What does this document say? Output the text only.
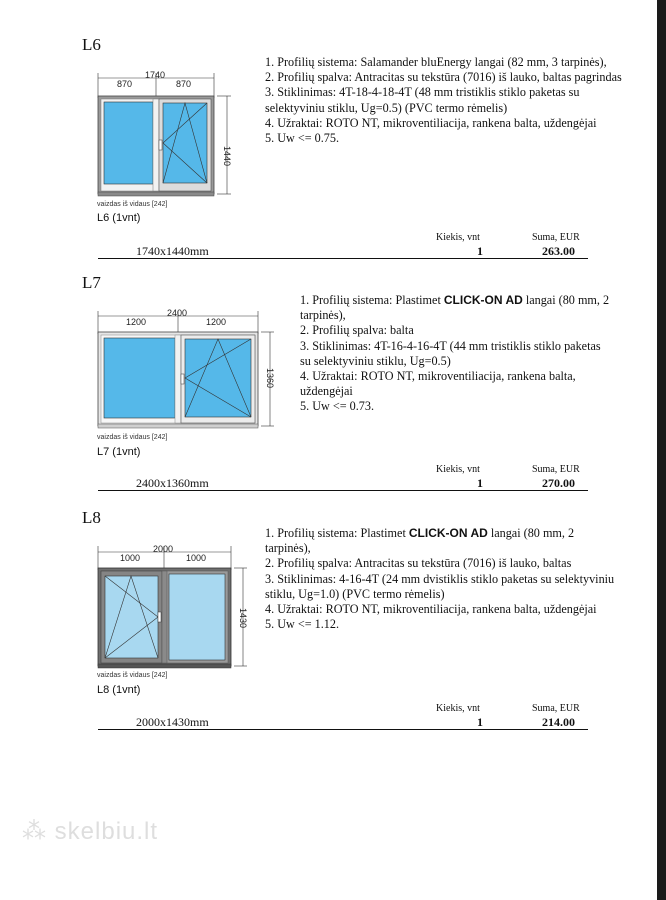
L6
1740
870	870
1440
vaizdas iš vidaus [242]
L6 (1vnt)
1. Profilių sistema: Salamander bluEnergy langai (82 mm, 3 tarpinės),
2. Profilių spalva: Antracitas su tekstūra (7016) iš lauko, baltas pagrindas
3. Stiklinimas: 4T-18-4-18-4T (48 mm tristiklis stiklo paketas su selektyviniu stiklu, Ug=0.5) (PVC termo rėmelis)
4. Užraktai: ROTO NT, mikroventiliacija, rankena balta, uždengėjai
5. Uw <= 0.75.
Kiekis, vnt	Suma, EUR
1740x1440mm	1	263.00
L7
2400
1200	1200
1360
vaizdas iš vidaus [242]
L7 (1vnt)
1. Profilių sistema: Plastimet CLICK-ON AD langai (80 mm, 2 tarpinės),
2. Profilių spalva: balta
3. Stiklinimas: 4T-16-4-16-4T (44 mm tristiklis stiklo paketas su selektyviniu stiklu, Ug=0.5)
4. Užraktai: ROTO NT, mikroventiliacija, rankena balta, uždengėjai
5. Uw <= 0.73.
Kiekis, vnt	Suma, EUR
2400x1360mm	1	270.00
L8
2000
1000	1000
1430
vaizdas iš vidaus [242]
L8 (1vnt)
1. Profilių sistema: Plastimet CLICK-ON AD langai (80 mm, 2 tarpinės),
2. Profilių spalva: Antracitas su tekstūra (7016) iš lauko, baltas
3. Stiklinimas: 4-16-4T (24 mm dvistiklis stiklo paketas su selektyviniu stiklu, Ug=1.0) (PVC termo rėmelis)
4. Užraktai: ROTO NT, mikroventiliacija, rankena balta, uždengėjai
5. Uw <= 1.12.
Kiekis, vnt	Suma, EUR
2000x1430mm	1	214.00
⁂ skelbiu.lt
